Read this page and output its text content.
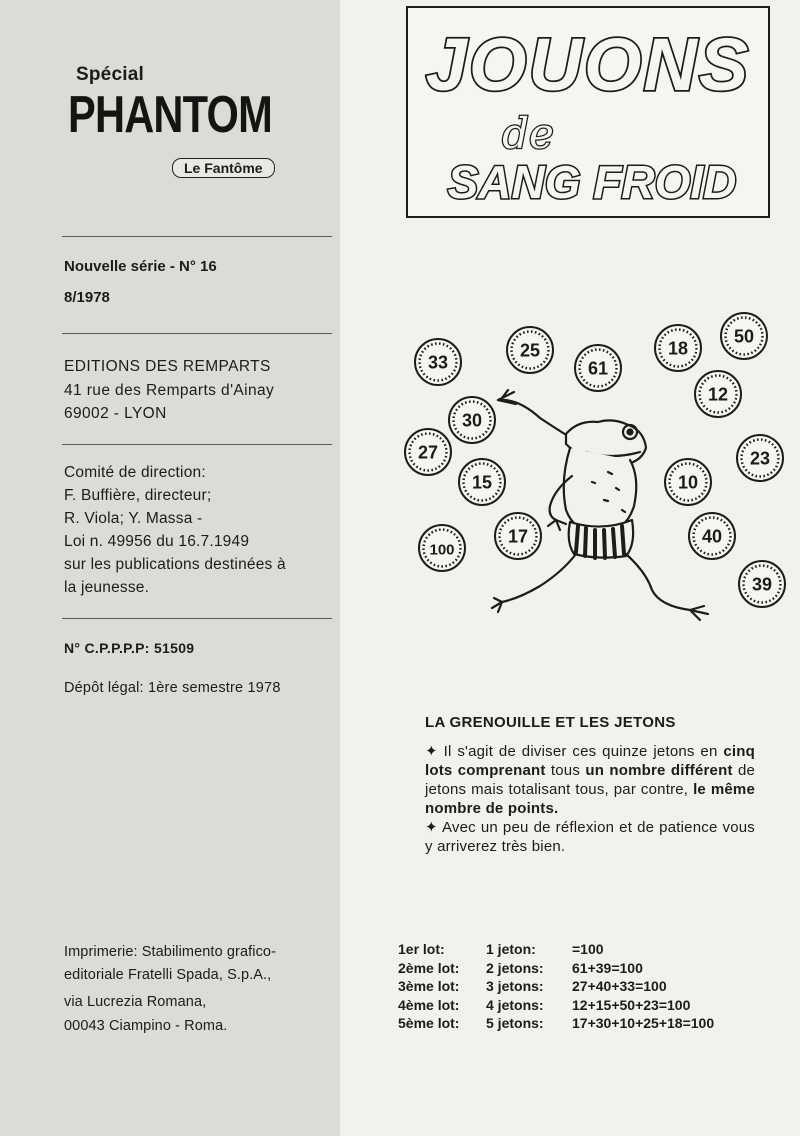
Spécial
PHANTOM
Le Fantôme
Nouvelle série - N° 16
8/1978
EDITIONS DES REMPARTS
41 rue des Remparts d'Ainay
69002 - LYON
Comité de direction:
F. Buffière, directeur;
R. Viola; Y. Massa -
Loi n. 49956 du 16.7.1949
sur les publications destinées à
la jeunesse.
N° C.P.P.P.P: 51509
Dépôt légal: 1ère semestre 1978
Imprimerie: Stabilimento grafico-
editoriale Fratelli Spada, S.p.A.,
via Lucrezia Romana,
00043 Ciampino - Roma.
JOUONS
de
SANG FROID
33
25
61
18
50
12
30
27
15	10
23
17
100
40
39
LA GRENOUILLE ET LES JETONS

✦ Il s'agit de diviser ces quinze jetons en cinq lots comprenant tous un nombre différent de jetons mais totalisant tous, par contre, le même nombre de points.

✦ Avec un peu de réflexion et de patience vous y arriverez très bien.

1er lot:	1 jeton:	=100
2ème lot:	2 jetons:	61+39=100
3ème lot:	3 jetons:	27+40+33=100
4ème lot:	4 jetons:	12+15+50+23=100
5ème lot:	5 jetons:	17+30+10+25+18=100
